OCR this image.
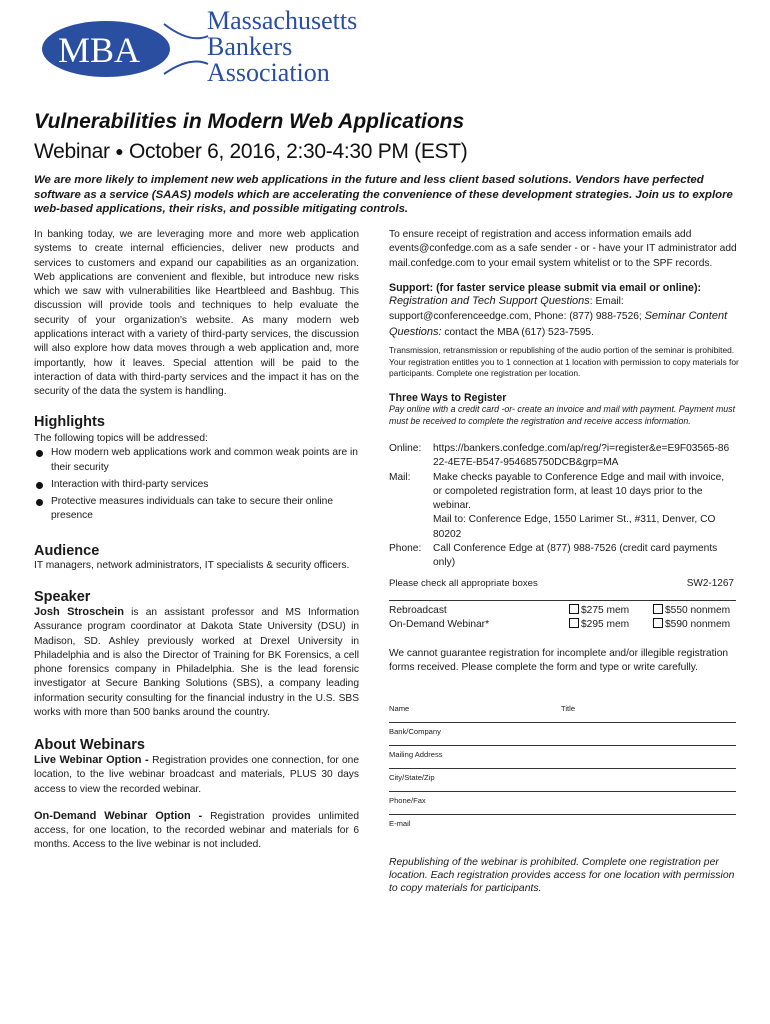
MBA
Massachusetts
Bankers
Association
Vulnerabilities in Modern Web Applications
Webinar ● October 6, 2016, 2:30-4:30 PM (EST)
We are more likely to implement new web applications in the future and less client based solutions. Vendors have perfected software as a service (SAAS) models which are accelerating the convenience of these development strategies. Join us to explore web-based applications, their risks, and possible mitigating controls.
In banking today, we are leveraging more and more web application systems to create internal efficiencies, deliver new products and services to customers and expand our capabilities as an organization. Web applications are convenient and flexible, but introduce new risks which we saw with vulnerabilities like Heartbleed and Bashbug. This discussion will provide tools and techniques to help evaluate the security of your organization's website. As many modern web applications interact with a variety of third-party services, the discussion will also explore how data moves through a web application and, more importantly, how it leaves. Special attention will be paid to the interaction of data with third-party services and the impact it has on the security of the data the system is handling.
Highlights
The following topics will be addressed:
How modern web applications work and common weak points are in their security
Interaction with third-party services
Protective measures individuals can take to secure their online presence
Audience
IT managers, network administrators, IT specialists & security officers.
Speaker
Josh Stroschein is an assistant professor and MS Information Assurance program coordinator at Dakota State University (DSU) in Madison, SD. Ashley previously worked at Drexel University in Philadelphia and is also the Director of Training for BK Forensics, a cell phone forensics company in Philadelphia. She is the lead forensic investigator at Secure Banking Solutions (SBS), a company leading information security consulting for the financial industry in the U.S. SBS works with more than 500 banks around the country.
About Webinars
Live Webinar Option - Registration provides one connection, for one location, to the live webinar broadcast and materials, PLUS 30 days access to view the recorded webinar.
On-Demand Webinar Option - Registration provides unlimited access, for one location, to the recorded webinar and materials for 6 months. Access to the live webinar is not included.
To ensure receipt of registration and access information emails add events@confedge.com as a safe sender - or - have your IT administrator add mail.confedge.com to your email system whitelist or to the SPF records.
Support: (for faster service please submit via email or online):
Registration and Tech Support Questions: Email: support@conferenceedge.com, Phone: (877) 988-7526; Seminar Content Questions: contact the MBA (617) 523-7595.
Transmission, retransmission or republishing of the audio portion of the seminar is prohibited. Your registration entitles you to 1 connection at 1 location with permission to copy materials for participants. Complete one registration per location.
Three Ways to Register
Pay online with a credit card -or- create an invoice and mail with payment. Payment must must be received to complete the registration and receive access information.
Online:	https://bankers.confedge.com/ap/reg/?i=register&e=E9F03565-8622-4E7E-B547-954685750DCB&grp=MA
Mail:	Make checks payable to Conference Edge and mail with invoice, or compoleted registration form, at least 10 days prior to the webinar.
	Mail to: Conference Edge, 1550 Larimer St., #311, Denver, CO 80202
Phone:	Call Conference Edge at (877) 988-7526 (credit card payments only)
Please check all appropriate boxes	SW2-1267
Rebroadcast	$275 mem	$550 nonmem
On-Demand Webinar*	$295 mem	$590 nonmem
We cannot guarantee registration for incomplete and/or illegible registration forms received. Please complete the form and type or write carefully.
Name	Title
Bank/Company
Mailing Address
City/State/Zip
Phone/Fax
E-mail
Republishing of the webinar is prohibited. Complete one registration per location. Each registration provides access for one location with permission to copy materials for participants.
